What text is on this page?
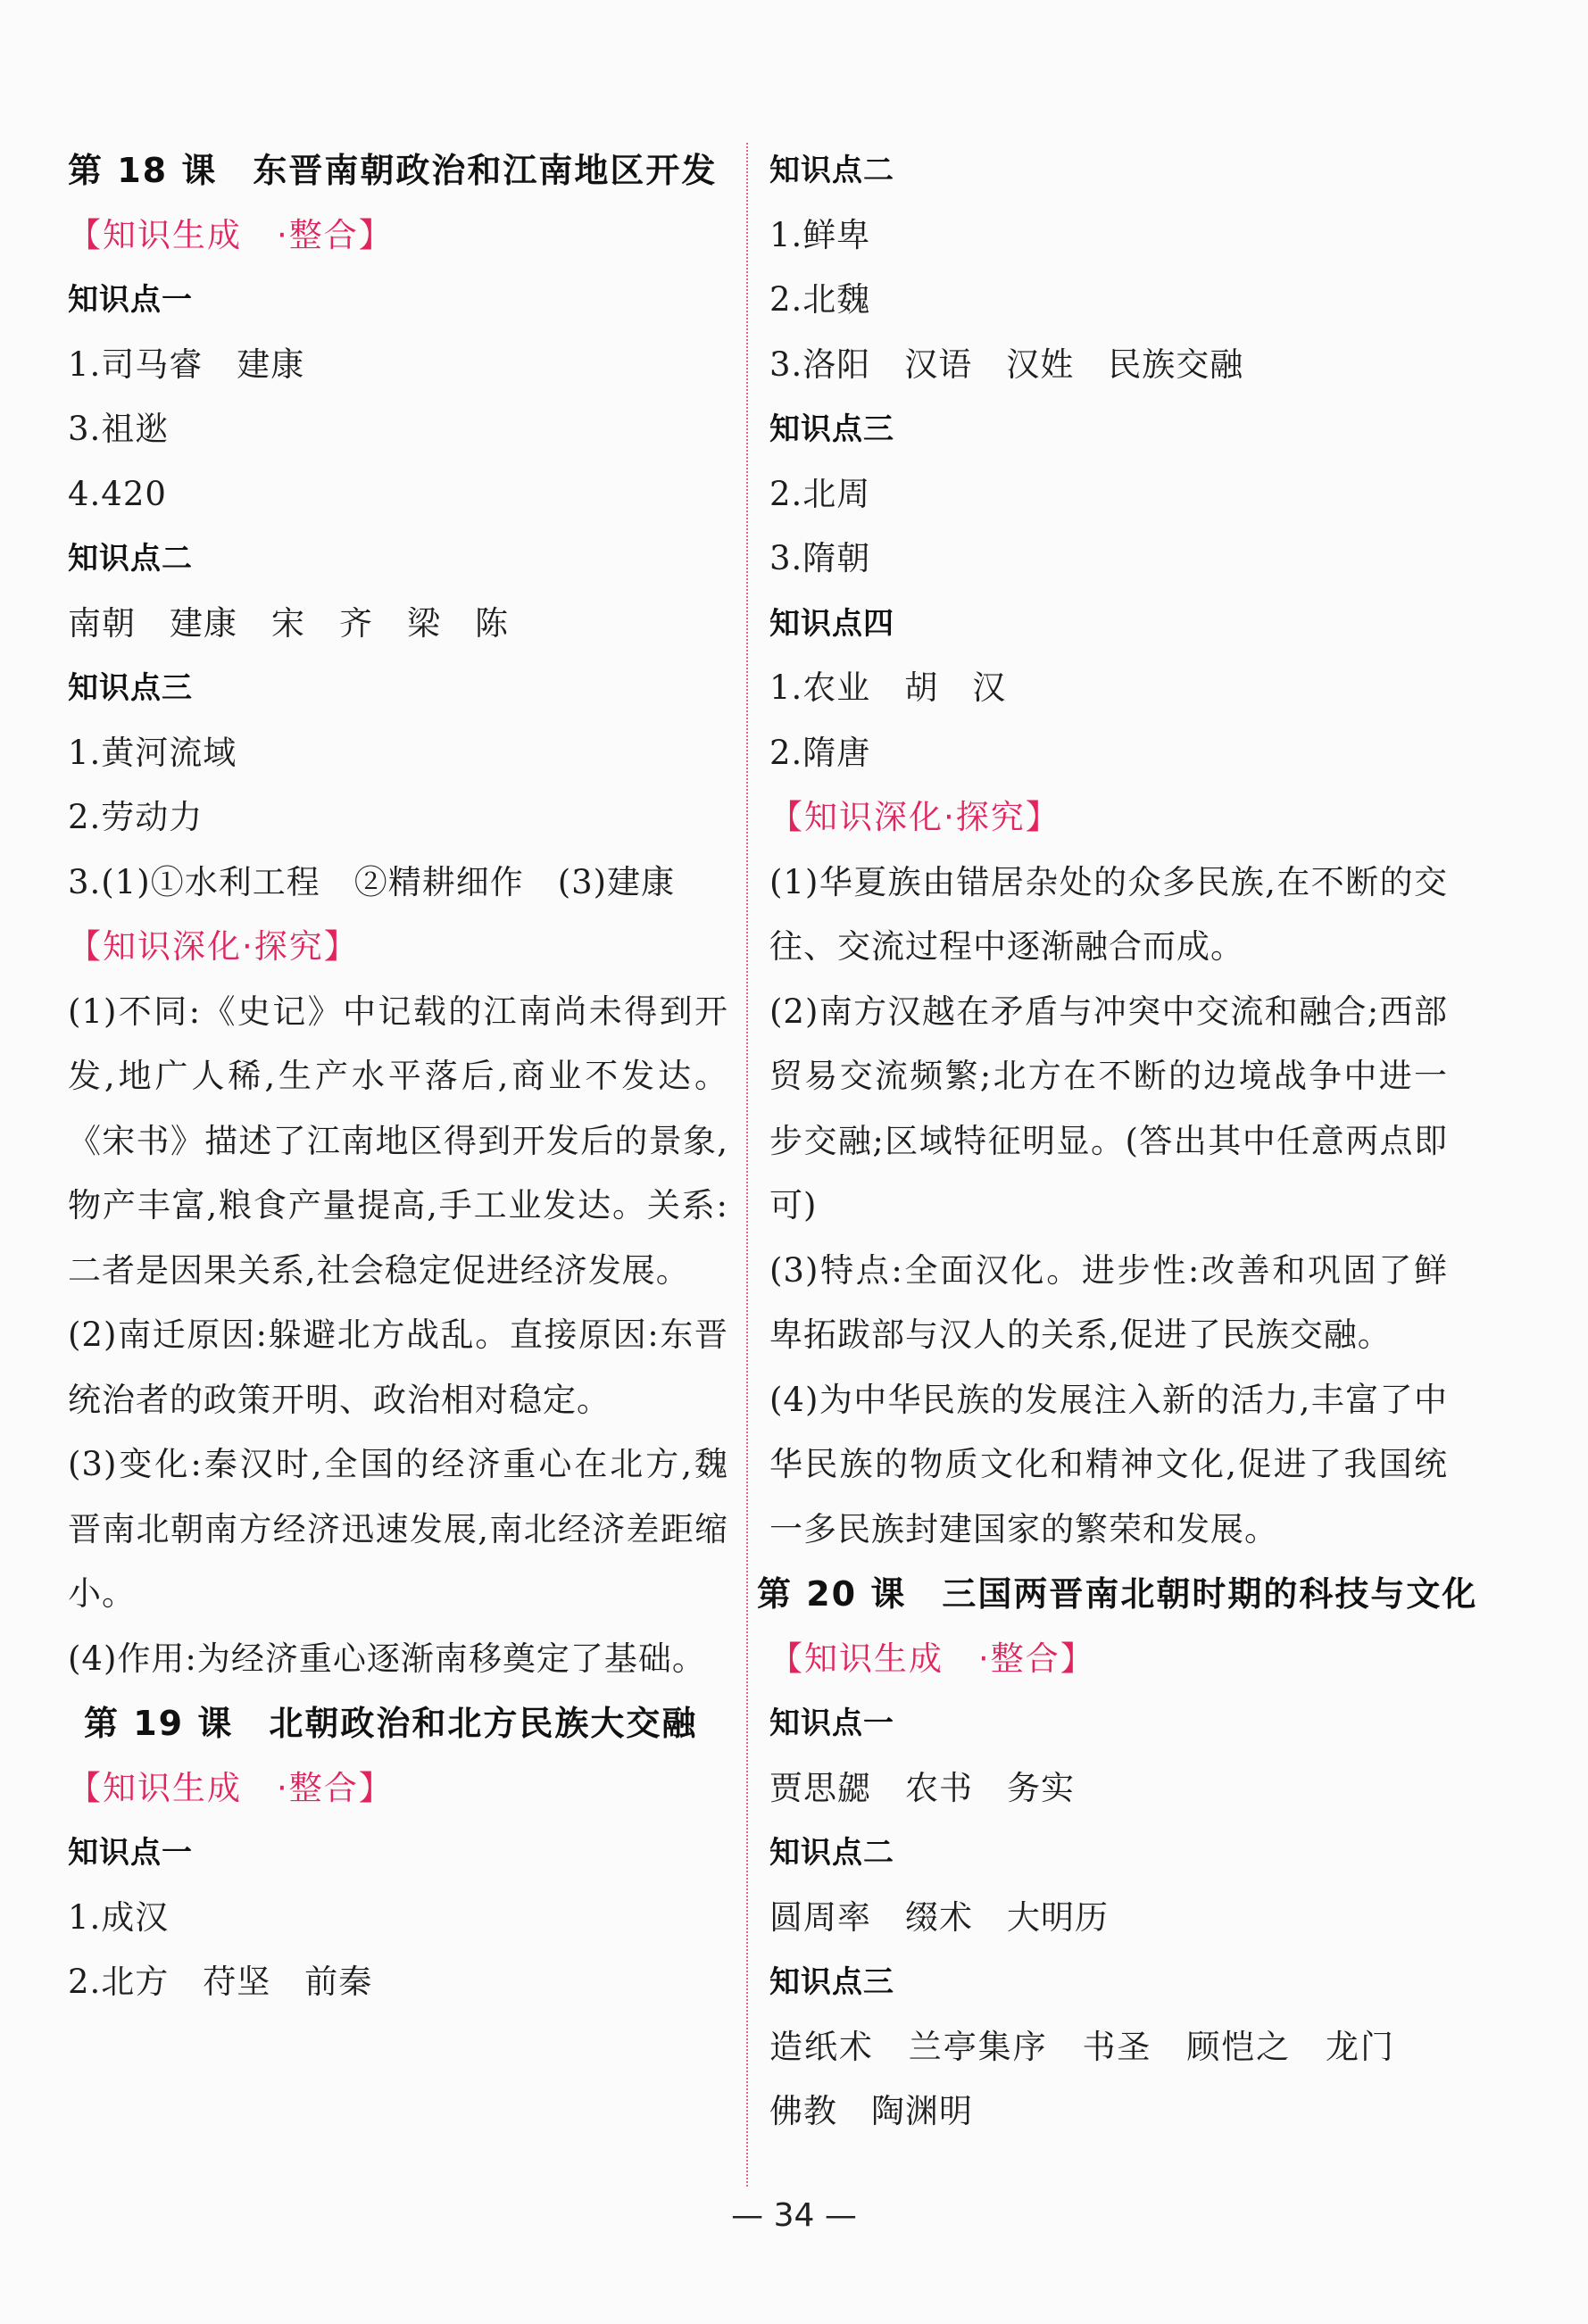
第 18 课　东晋南朝政治和江南地区开发
【知识生成　·整合】
知识点一
1.司马睿　建康
3.祖逖
4.420
知识点二
南朝　建康　宋　齐　梁　陈
知识点三
1.黄河流域
2.劳动力
3.(1)①水利工程　②精耕细作　(3)建康
【知识深化·探究】
(1)不同:《史记》中记载的江南尚未得到开发,地广人稀,生产水平落后,商业不发达。《宋书》描述了江南地区得到开发后的景象,物产丰富,粮食产量提高,手工业发达。关系:二者是因果关系,社会稳定促进经济发展。
(2)南迁原因:躲避北方战乱。直接原因:东晋统治者的政策开明、政治相对稳定。
(3)变化:秦汉时,全国的经济重心在北方,魏晋南北朝南方经济迅速发展,南北经济差距缩小。
(4)作用:为经济重心逐渐南移奠定了基础。
第 19 课　北朝政治和北方民族大交融
【知识生成　·整合】
知识点一
1.成汉
2.北方　苻坚　前秦
知识点二
1.鲜卑
2.北魏
3.洛阳　汉语　汉姓　民族交融
知识点三
2.北周
3.隋朝
知识点四
1.农业　胡　汉
2.隋唐
【知识深化·探究】
(1)华夏族由错居杂处的众多民族,在不断的交往、交流过程中逐渐融合而成。
(2)南方汉越在矛盾与冲突中交流和融合;西部贸易交流频繁;北方在不断的边境战争中进一步交融;区域特征明显。(答出其中任意两点即可)
(3)特点:全面汉化。进步性:改善和巩固了鲜卑拓跋部与汉人的关系,促进了民族交融。
(4)为中华民族的发展注入新的活力,丰富了中华民族的物质文化和精神文化,促进了我国统一多民族封建国家的繁荣和发展。
第 20 课　三国两晋南北朝时期的科技与文化
【知识生成　·整合】
知识点一
贾思勰　农书　务实
知识点二
圆周率　缀术　大明历
知识点三
造纸术　兰亭集序　书圣　顾恺之　龙门佛教　陶渊明
— 34 —
